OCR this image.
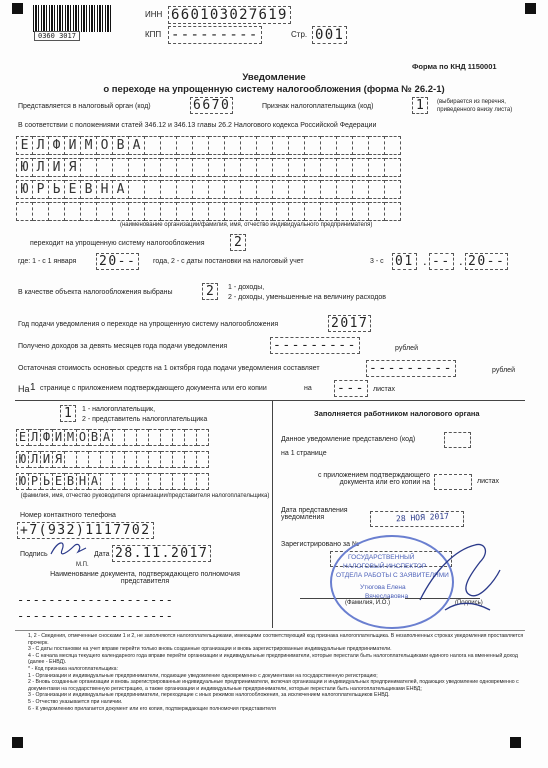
0360 3017
ИНН 660103027619
КПП ---------	Стр. 001
Форма по КНД 1150001
Уведомление
о переходе на упрощенную систему налогообложения (форма № 26.2-1)
Представляется в налоговый орган (код)	6670	Признак налогоплательщика (код)	1	(выбирается из перечня, приведенного внизу листа)
В соответствии с положениями статей 346.12 и 346.13 главы 26.2 Налогового кодекса Российской Федерации
Е Л Ф И М О В А
Ю Л И Я
Ю Р Ь Е В Н А
(наименование организации/фамилия, имя, отчество индивидуального предпринимателя)
переходит на упрощенную систему налогообложения	2
где: 1 - с 1 января 20--	года, 2 - с даты постановки на налоговый учет	3 - с 01 . -- . 20--
В качестве объекта налогообложения выбраны	2	1 - доходы,
2 - доходы, уменьшенные на величину расходов
Год подачи уведомления о переходе на упрощенную систему налогообложения	2017
Получено доходов за девять месяцев года подачи уведомления	---------	рублей
Остаточная стоимость основных средств на 1 октября года подачи уведомления составляет	---------	рублей
На 1 странице с приложением подтверждающего документа или его копии	на ---	листах
1	1 - налогоплательщик,
2 - представитель налогоплательщика
Е Л Ф И М О В А
Ю Л И Я
Ю Р Ь Е В Н А
(фамилия, имя, отчество руководителя организации/представителя налогоплательщика)
Номер контактного телефона
+7(932)1117702
Подпись	Дата 28.11.2017
М.П.
Наименование документа, подтверждающего полномочия представителя
--------------------
--------------------
Заполняется работником налогового органа
Данное уведомление представлено (код)
на 1 странице
с приложением подтверждающего документа или его копии на	листах
Дата представления уведомления	28 НОЯ 2017
Зарегистрировано за №
(Фамилия, И.О.)	(Подпись)
ГОСУДАРСТВЕННЫЙ
НАЛОГОВЫЙ ИНСПЕКТОР
ОТДЕЛА РАБОТЫ С ЗАЯВИТЕЛЯМИ
Утюгова Елена
Вячеславовна
1, 2 - Сведения, отмеченные сносками 1 и 2, не заполняются налогоплательщиками, имеющими соответствующий код признака налогоплательщика. В незаполненных строках уведомления проставляется прочерк.
3 - С даты постановки на учет вправе перейти только вновь созданные организации и вновь зарегистрированные индивидуальные предприниматели.
4 - С начала месяца текущего календарного года вправе перейти организации и индивидуальные предприниматели, которые перестали быть налогоплательщиками единого налога на вмененный доход (далее - ЕНВД).
* - Код признака налогоплательщика:
1 - Организации и индивидуальные предприниматели, подающие уведомление одновременно с документами на государственную регистрацию;
2 - Вновь созданные организации и вновь зарегистрированные индивидуальные предприниматели, включая организации и индивидуальных предпринимателей, подающих уведомление одновременно с документами на государственную регистрацию, а также организации и индивидуальные предприниматели, которые перестали быть налогоплательщиками ЕНВД;
3 - Организации и индивидуальные предприниматели, переходящие с иных режимов налогообложения, за исключением налогоплательщиков ЕНВД.
5 - Отчество указывается при наличии.
6 - К уведомлению прилагается документ или его копия, подтверждающие полномочия представителя
